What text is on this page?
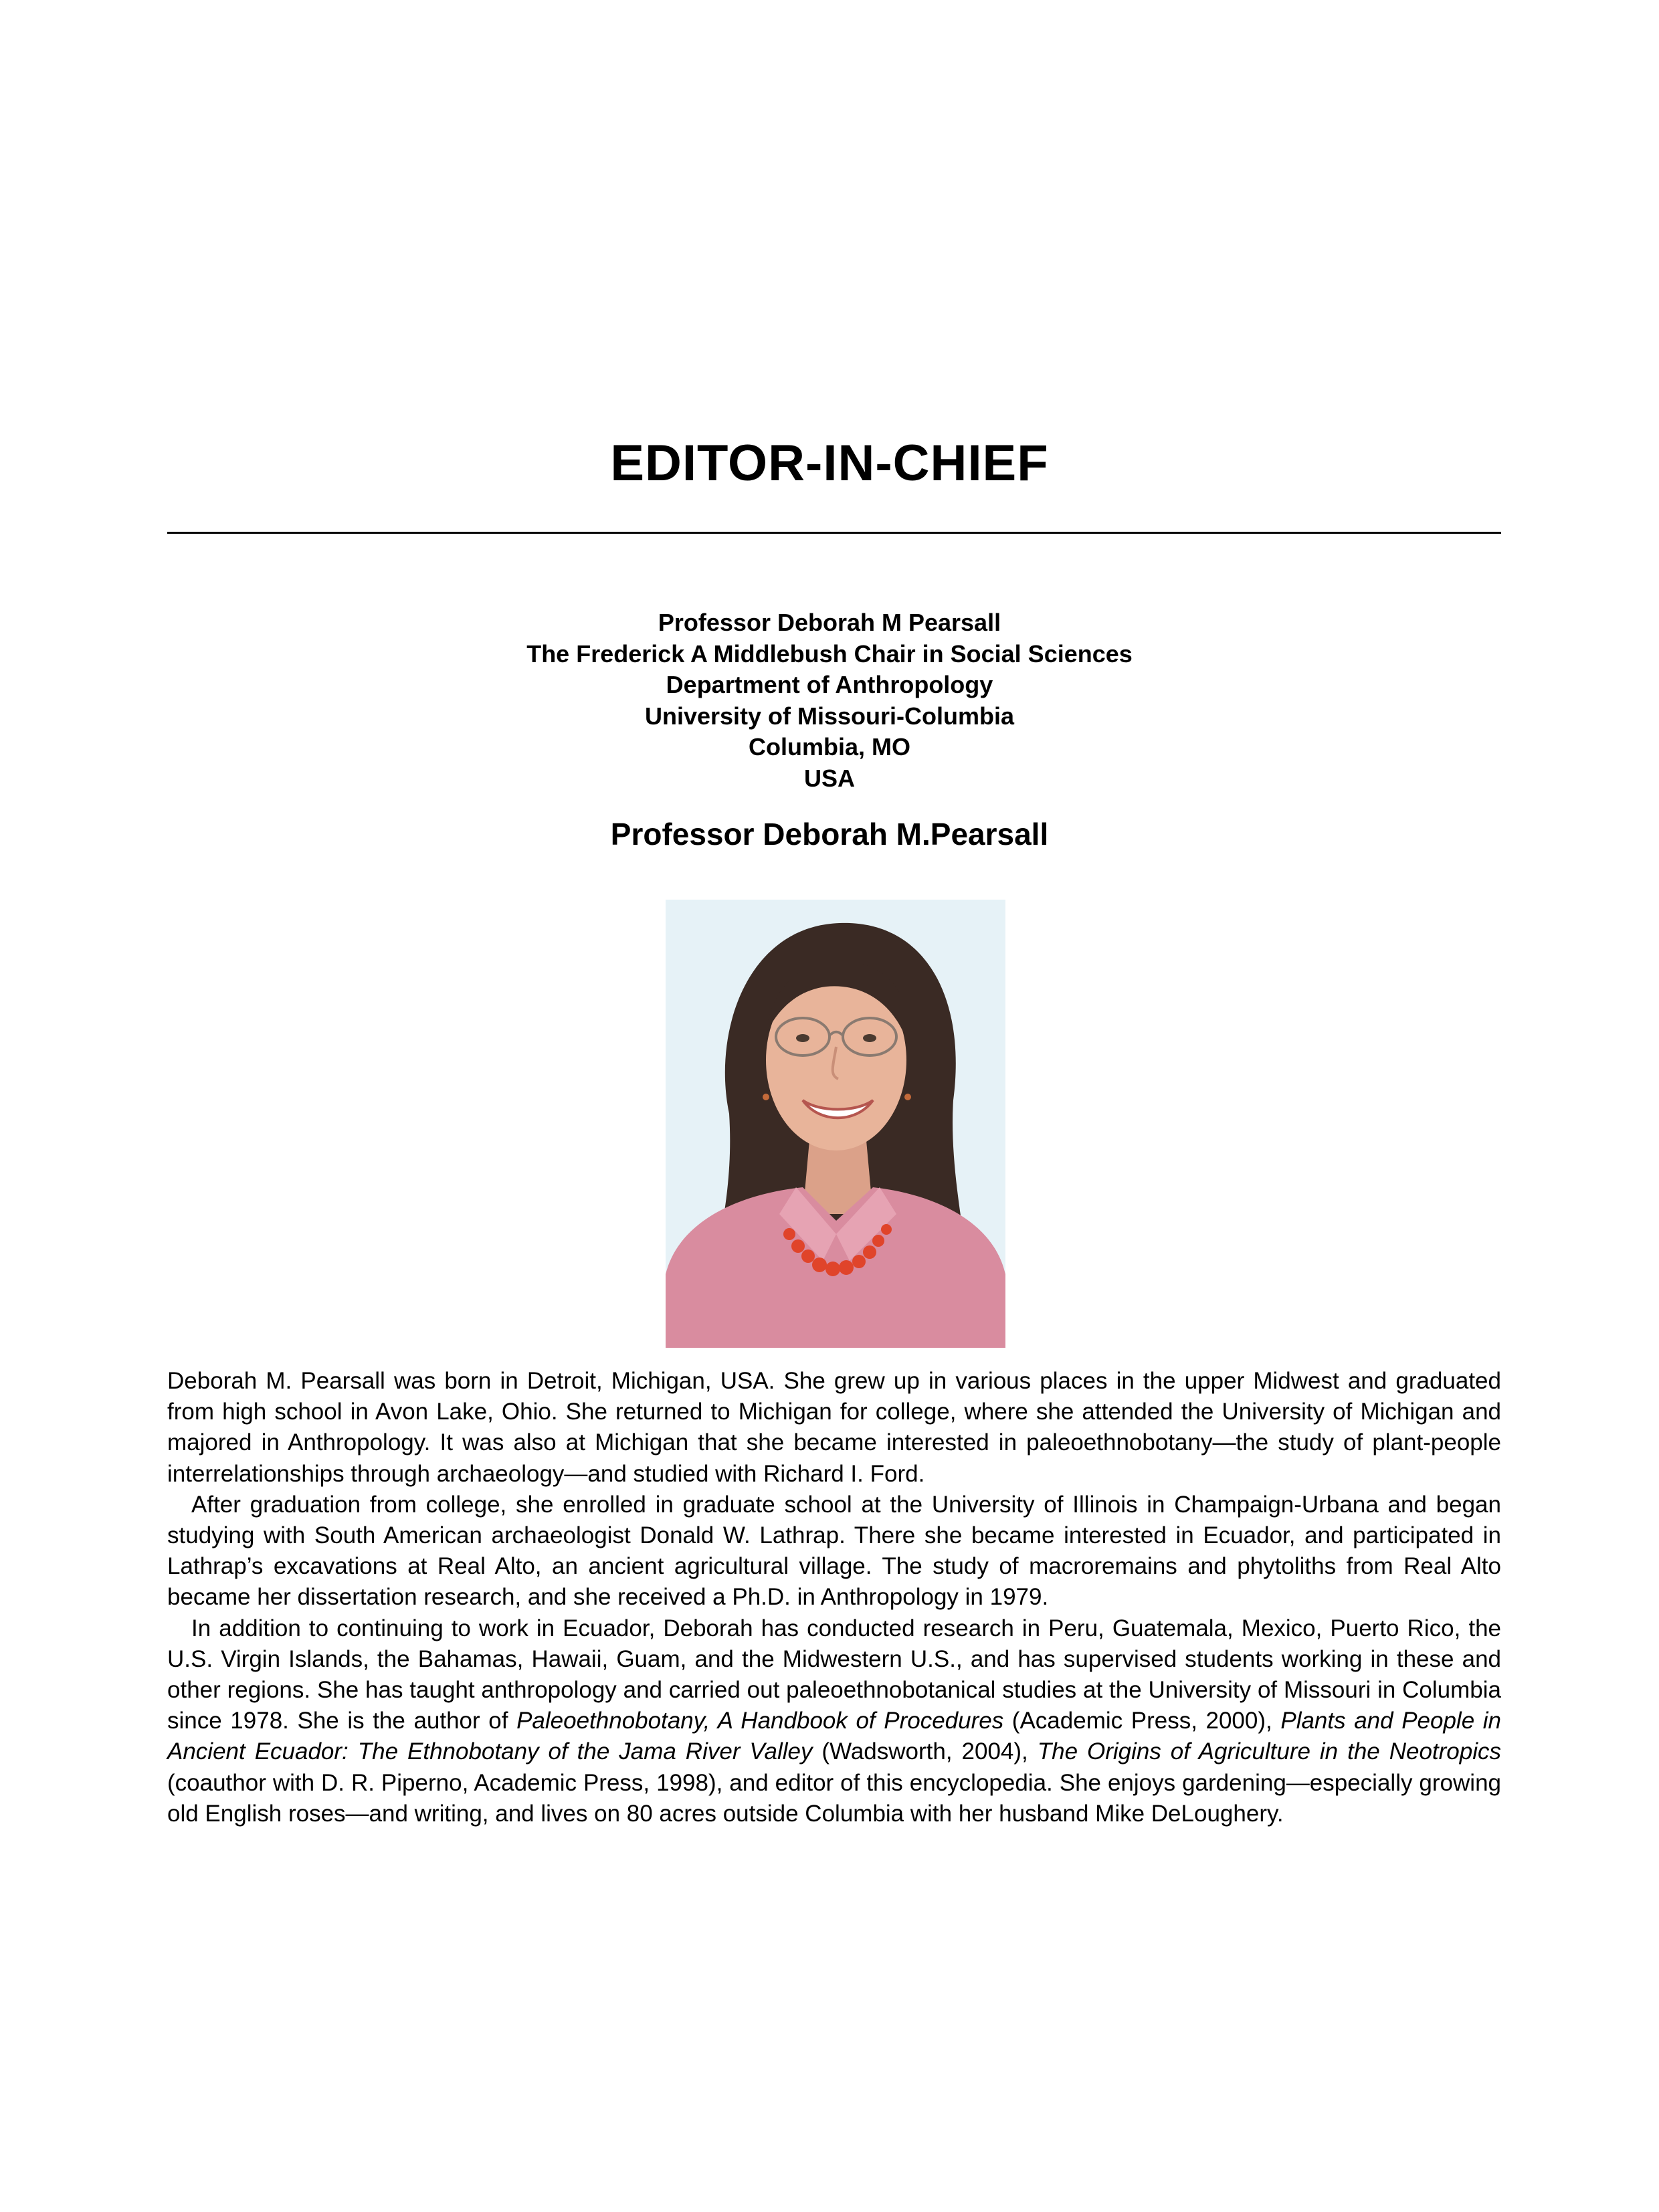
EDITOR-IN-CHIEF
Professor Deborah M Pearsall
The Frederick A Middlebush Chair in Social Sciences
Department of Anthropology
University of Missouri-Columbia
Columbia, MO
USA
Professor Deborah M.Pearsall

Deborah M. Pearsall was born in Detroit, Michigan, USA. She grew up in various places in the upper Midwest and graduated from high school in Avon Lake, Ohio. She returned to Michigan for college, where she attended the University of Michigan and majored in Anthropology. It was also at Michigan that she became interested in paleoethnobotany—the study of plant-people interrelationships through archaeology—and studied with Richard I. Ford.

After graduation from college, she enrolled in graduate school at the University of Illinois in Champaign-Urbana and began studying with South American archaeologist Donald W. Lathrap. There she became interested in Ecuador, and participated in Lathrap’s excavations at Real Alto, an ancient agricultural village. The study of macroremains and phytoliths from Real Alto became her dissertation research, and she received a Ph.D. in Anthropology in 1979.

In addition to continuing to work in Ecuador, Deborah has conducted research in Peru, Guatemala, Mexico, Puerto Rico, the U.S. Virgin Islands, the Bahamas, Hawaii, Guam, and the Midwestern U.S., and has supervised students working in these and other regions. She has taught anthropology and carried out paleoethnobotanical studies at the University of Missouri in Columbia since 1978. She is the author of Paleoethnobotany, A Handbook of Procedures (Academic Press, 2000), Plants and People in Ancient Ecuador: The Ethnobotany of the Jama River Valley (Wadsworth, 2004), The Origins of Agriculture in the Neotropics (coauthor with D. R. Piperno, Academic Press, 1998), and editor of this encyclopedia. She enjoys gardening—especially growing old English roses—and writing, and lives on 80 acres outside Columbia with her husband Mike DeLoughery.
